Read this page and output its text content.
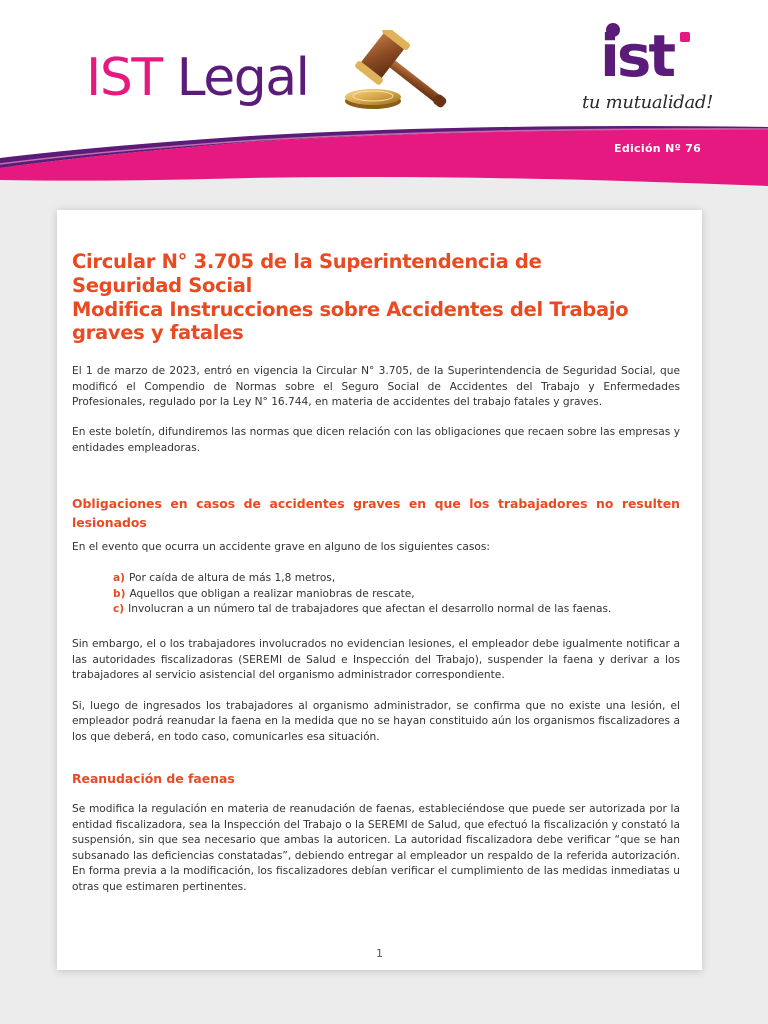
IST Legal	ist
tu mutualidad!
Edición Nº 76
Circular N° 3.705 de la Superintendencia de
Seguridad Social
Modifica Instrucciones sobre Accidentes del Trabajo
graves y fatales

El 1 de marzo de 2023, entró en vigencia la Circular N° 3.705, de la Superintendencia de Seguridad Social, que modificó el Compendio de Normas sobre el Seguro Social de Accidentes del Trabajo y Enfermedades Profesionales, regulado por la Ley N° 16.744, en materia de accidentes del trabajo fatales y graves.

En este boletín, difundiremos las normas que dicen relación con las obligaciones que recaen sobre las empresas y entidades empleadoras.

Obligaciones en casos de accidentes graves en que los trabajadores no resulten lesionados

En el evento que ocurra un accidente grave en alguno de los siguientes casos:

a) Por caída de altura de más 1,8 metros,
b) Aquellos que obligan a realizar maniobras de rescate,
c) Involucran a un número tal de trabajadores que afectan el desarrollo normal de las faenas.

Sin embargo, el o los trabajadores involucrados no evidencian lesiones, el empleador debe igualmente notificar a las autoridades fiscalizadoras (SEREMI de Salud e Inspección del Trabajo), suspender la faena y derivar a los trabajadores al servicio asistencial del organismo administrador correspondiente.

Si, luego de ingresados los trabajadores al organismo administrador, se confirma que no existe una lesión, el empleador podrá reanudar la faena en la medida que no se hayan constituido aún los organismos fiscalizadores a los que deberá, en todo caso, comunicarles esa situación.

Reanudación de faenas

Se modifica la regulación en materia de reanudación de faenas, estableciéndose que puede ser autorizada por la entidad fiscalizadora, sea la Inspección del Trabajo o la SEREMI de Salud, que efectuó la fiscalización y constató la suspensión, sin que sea necesario que ambas la autoricen. La autoridad fiscalizadora debe verificar “que se han subsanado las deficiencias constatadas”, debiendo entregar al empleador un respaldo de la referida autorización. En forma previa a la modificación, los fiscalizadores debían verificar el cumplimiento de las medidas inmediatas u otras que estimaren pertinentes.

1
